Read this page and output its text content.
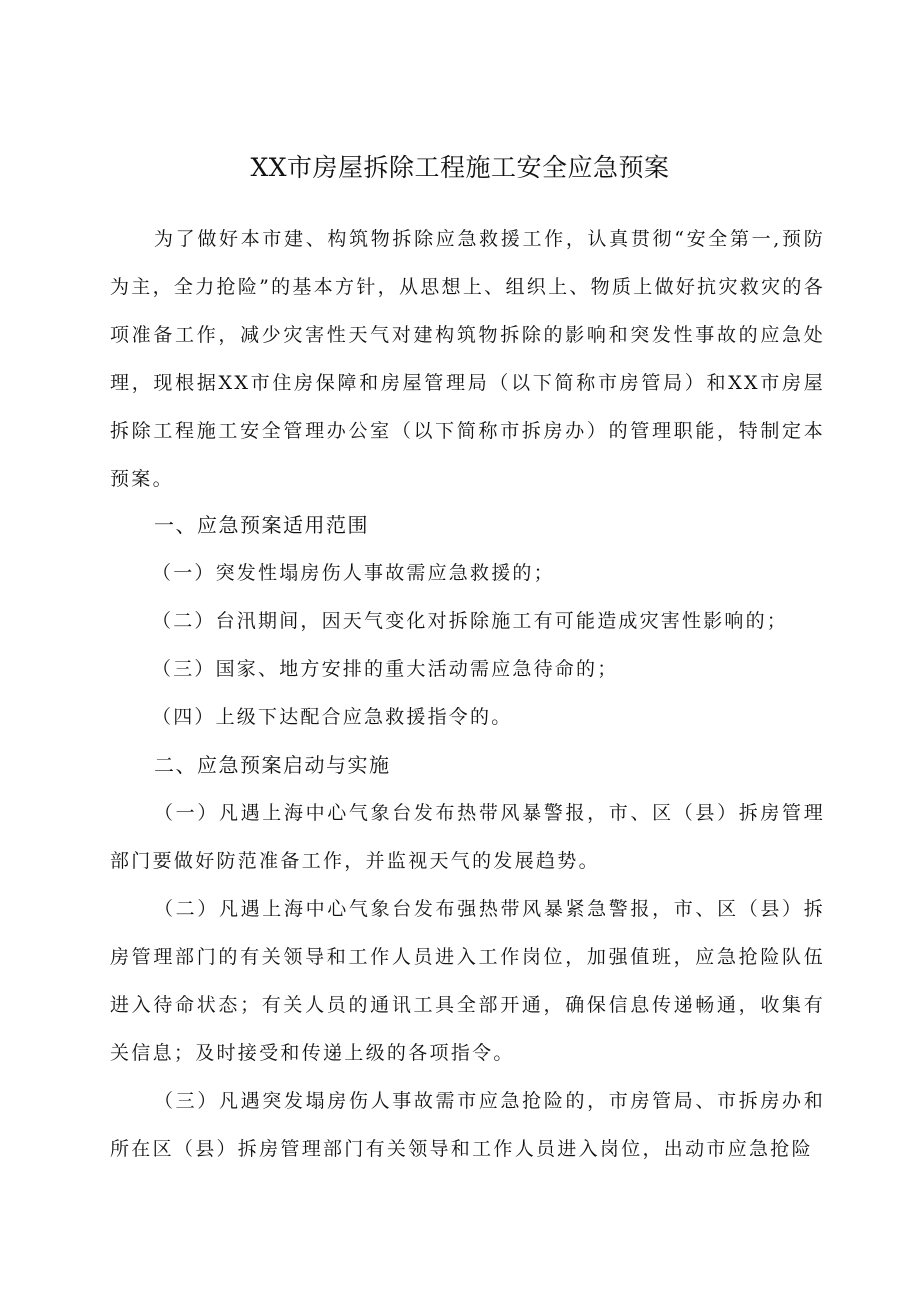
XX市房屋拆除工程施工安全应急预案

为了做好本市建、构筑物拆除应急救援工作，认真贯彻“安全第一,预防为主，全力抢险”的基本方针，从思想上、组织上、物质上做好抗灾救灾的各项准备工作，减少灾害性天气对建构筑物拆除的影响和突发性事故的应急处理，现根据XX市住房保障和房屋管理局（以下简称市房管局）和XX市房屋拆除工程施工安全管理办公室（以下简称市拆房办）的管理职能，特制定本预案。

一、应急预案适用范围

（一）突发性塌房伤人事故需应急救援的；

（二）台汛期间，因天气变化对拆除施工有可能造成灾害性影响的；

（三）国家、地方安排的重大活动需应急待命的；

（四）上级下达配合应急救援指令的。

二、应急预案启动与实施

（一）凡遇上海中心气象台发布热带风暴警报，市、区（县）拆房管理部门要做好防范准备工作，并监视天气的发展趋势。

（二）凡遇上海中心气象台发布强热带风暴紧急警报，市、区（县）拆房管理部门的有关领导和工作人员进入工作岗位，加强值班，应急抢险队伍进入待命状态；有关人员的通讯工具全部开通，确保信息传递畅通，收集有关信息；及时接受和传递上级的各项指令。

（三）凡遇突发塌房伤人事故需市应急抢险的，市房管局、市拆房办和所在区（县）拆房管理部门有关领导和工作人员进入岗位，出动市应急抢险
